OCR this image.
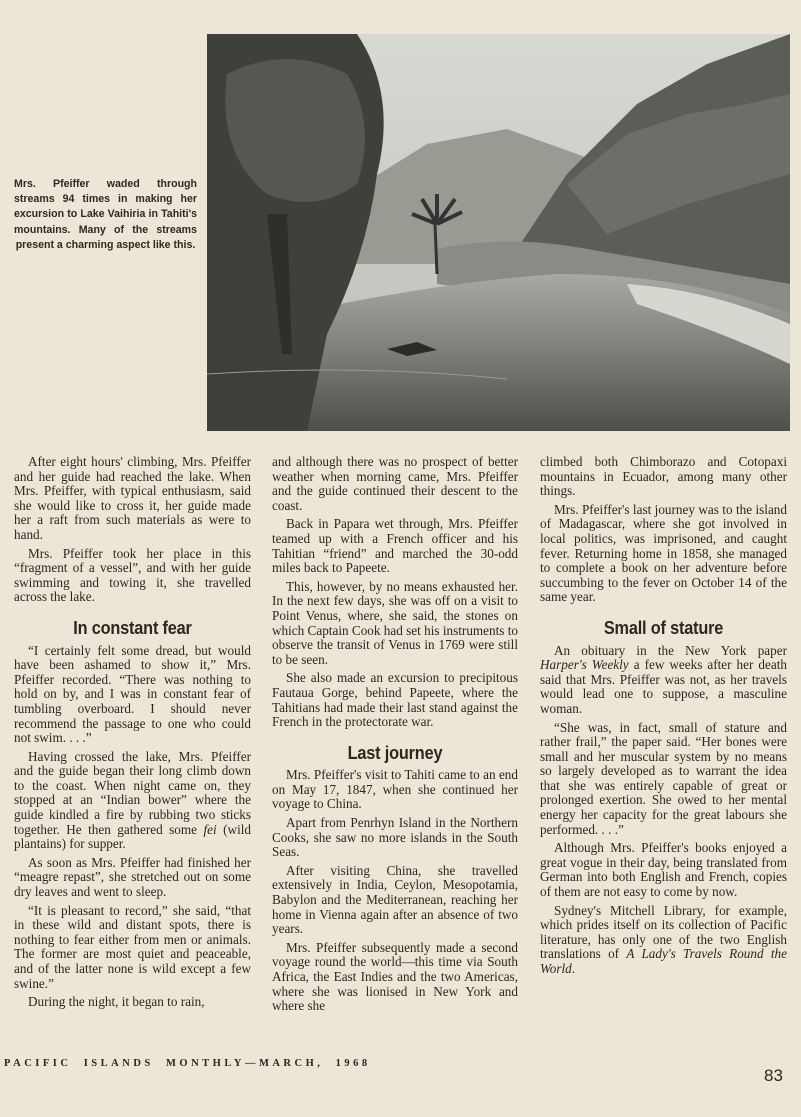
Mrs. Pfeiffer waded through streams 94 times in making her excursion to Lake Vaihiria in Tahiti's mountains. Many of the streams present a charming aspect like this.

After eight hours' climbing, Mrs. Pfeiffer and her guide had reached the lake. When Mrs. Pfeiffer, with typical enthusiasm, said she would like to cross it, her guide made her a raft from such materials as were to hand.

Mrs. Pfeiffer took her place in this “fragment of a vessel”, and with her guide swimming and towing it, she travelled across the lake.

In constant fear

“I certainly felt some dread, but would have been ashamed to show it,” Mrs. Pfeiffer recorded. “There was nothing to hold on by, and I was in constant fear of tumbling overboard. I should never recommend the passage to one who could not swim. . . .”

Having crossed the lake, Mrs. Pfeiffer and the guide began their long climb down to the coast. When night came on, they stopped at an “Indian bower” where the guide kindled a fire by rubbing two sticks together. He then gathered some fei (wild plantains) for supper.

As soon as Mrs. Pfeiffer had finished her “meagre repast”, she stretched out on some dry leaves and went to sleep.

“It is pleasant to record,” she said, “that in these wild and distant spots, there is nothing to fear either from men or animals. The former are most quiet and peaceable, and of the latter none is wild except a few swine.”

During the night, it began to rain,

and although there was no prospect of better weather when morning came, Mrs. Pfeiffer and the guide continued their descent to the coast.

Back in Papara wet through, Mrs. Pfeiffer teamed up with a French officer and his Tahitian “friend” and marched the 30-odd miles back to Papeete.

This, however, by no means exhausted her. In the next few days, she was off on a visit to Point Venus, where, she said, the stones on which Captain Cook had set his instruments to observe the transit of Venus in 1769 were still to be seen.

She also made an excursion to precipitous Fautaua Gorge, behind Papeete, where the Tahitians had made their last stand against the French in the protectorate war.

Last journey

Mrs. Pfeiffer's visit to Tahiti came to an end on May 17, 1847, when she continued her voyage to China.

Apart from Penrhyn Island in the Northern Cooks, she saw no more islands in the South Seas.

After visiting China, she travelled extensively in India, Ceylon, Mesopotamia, Babylon and the Mediterranean, reaching her home in Vienna again after an absence of two years.

Mrs. Pfeiffer subsequently made a second voyage round the world—this time via South Africa, the East Indies and the two Americas, where she was lionised in New York and where she

climbed both Chimborazo and Cotopaxi mountains in Ecuador, among many other things.

Mrs. Pfeiffer's last journey was to the island of Madagascar, where she got involved in local politics, was imprisoned, and caught fever. Returning home in 1858, she managed to complete a book on her adventure before succumbing to the fever on October 14 of the same year.

Small of stature

An obituary in the New York paper Harper's Weekly a few weeks after her death said that Mrs. Pfeiffer was not, as her travels would lead one to suppose, a masculine woman.

“She was, in fact, small of stature and rather frail,” the paper said. “Her bones were small and her muscular system by no means so largely developed as to warrant the idea that she was entirely capable of great or prolonged exertion. She owed to her mental energy her capacity for the great labours she performed. . . .”

Although Mrs. Pfeiffer's books enjoyed a great vogue in their day, being translated from German into both English and French, copies of them are not easy to come by now.

Sydney's Mitchell Library, for example, which prides itself on its collection of Pacific literature, has only one of the two English translations of A Lady's Travels Round the World.

PACIFIC  ISLANDS  MONTHLY—MARCH,  1968
83
